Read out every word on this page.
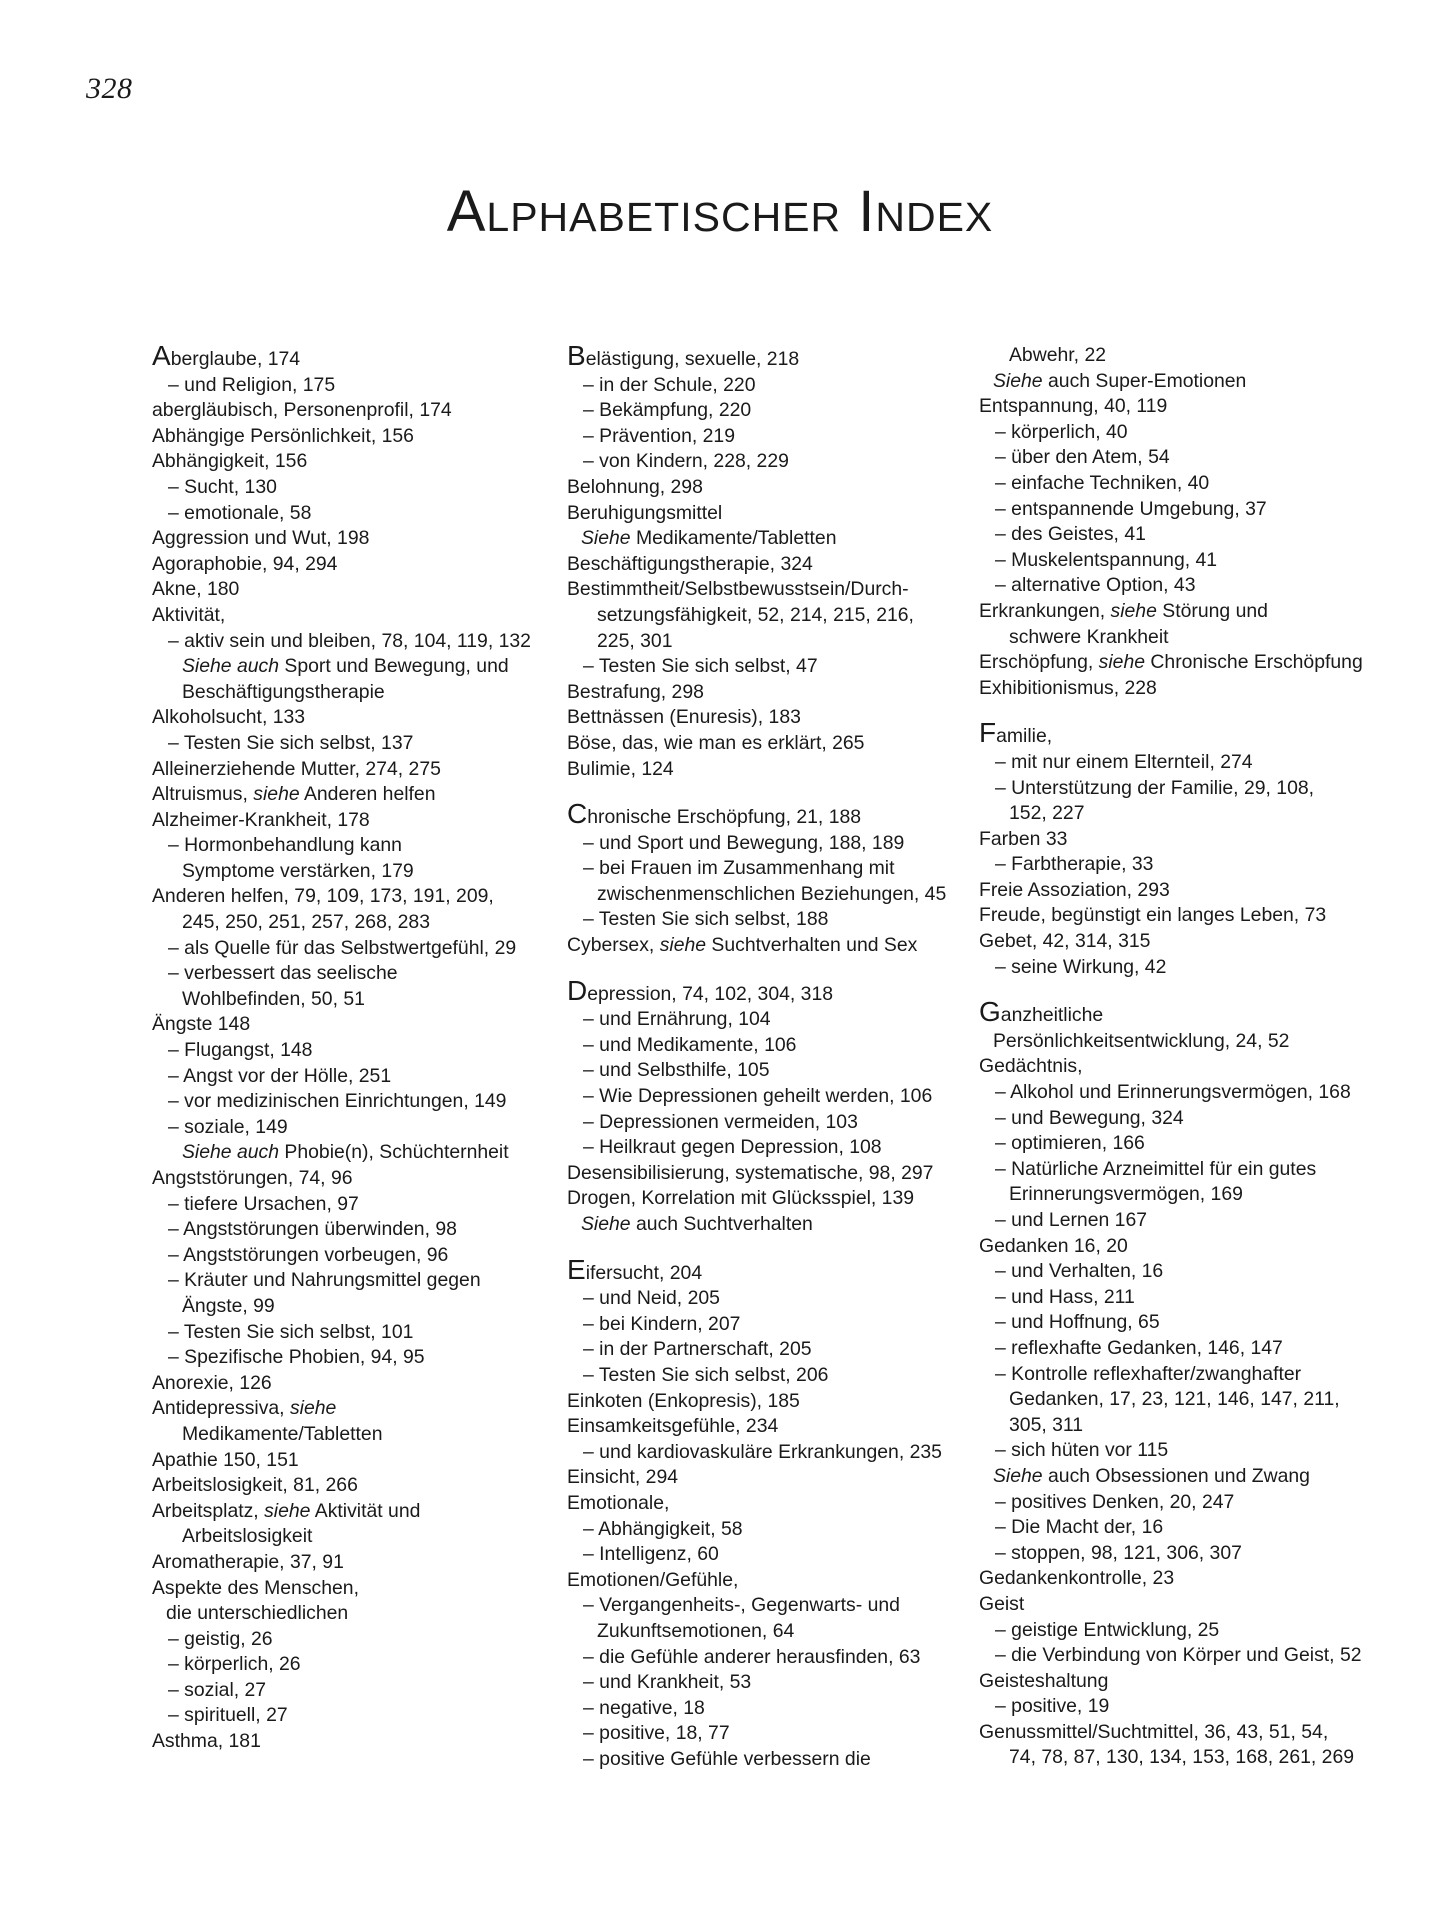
328
Alphabetischer Index
Aberglaube, 174
– und Religion, 175
abergläubisch, Personenprofil, 174
Abhängige Persönlichkeit, 156
Abhängigkeit, 156
– Sucht, 130
– emotionale, 58
Aggression und Wut, 198
Agoraphobie, 94, 294
Akne, 180
Aktivität,
– aktiv sein und bleiben, 78, 104, 119, 132
Siehe auch Sport und Bewegung, und
Beschäftigungstherapie
Alkoholsucht, 133
– Testen Sie sich selbst, 137
Alleinerziehende Mutter, 274, 275
Altruismus, siehe Anderen helfen
Alzheimer-Krankheit, 178
– Hormonbehandlung kann
Symptome verstärken, 179
Anderen helfen, 79, 109, 173, 191, 209,
245, 250, 251, 257, 268, 283
– als Quelle für das Selbstwertgefühl, 29
– verbessert das seelische
Wohlbefinden, 50, 51
Ängste 148
– Flugangst, 148
– Angst vor der Hölle, 251
– vor medizinischen Einrichtungen, 149
– soziale, 149
Siehe auch Phobie(n), Schüchternheit
Angststörungen, 74, 96
– tiefere Ursachen, 97
– Angststörungen überwinden, 98
– Angststörungen vorbeugen, 96
– Kräuter und Nahrungsmittel gegen
Ängste, 99
– Testen Sie sich selbst, 101
– Spezifische Phobien, 94, 95
Anorexie, 126
Antidepressiva, siehe
Medikamente/Tabletten
Apathie 150, 151
Arbeitslosigkeit, 81, 266
Arbeitsplatz, siehe Aktivität und
Arbeitslosigkeit
Aromatherapie, 37, 91
Aspekte des Menschen,
die unterschiedlichen
– geistig, 26
– körperlich, 26
– sozial, 27
– spirituell, 27
Asthma, 181
Belästigung, sexuelle, 218
– in der Schule, 220
– Bekämpfung, 220
– Prävention, 219
– von Kindern, 228, 229
Belohnung, 298
Beruhigungsmittel
Siehe Medikamente/Tabletten
Beschäftigungstherapie, 324
Bestimmtheit/Selbstbewusstsein/Durch-
setzungsfähigkeit, 52, 214, 215, 216,
225, 301
– Testen Sie sich selbst, 47
Bestrafung, 298
Bettnässen (Enuresis), 183
Böse, das, wie man es erklärt, 265
Bulimie, 124
Chronische Erschöpfung, 21, 188
– und Sport und Bewegung, 188, 189
– bei Frauen im Zusammenhang mit
zwischenmenschlichen Beziehungen, 45
– Testen Sie sich selbst, 188
Cybersex, siehe Suchtverhalten und Sex
Depression, 74, 102, 304, 318
– und Ernährung, 104
– und Medikamente, 106
– und Selbsthilfe, 105
– Wie Depressionen geheilt werden, 106
– Depressionen vermeiden, 103
– Heilkraut gegen Depression, 108
Desensibilisierung, systematische, 98, 297
Drogen, Korrelation mit Glücksspiel, 139
Siehe auch Suchtverhalten
Eifersucht, 204
– und Neid, 205
– bei Kindern, 207
– in der Partnerschaft, 205
– Testen Sie sich selbst, 206
Einkoten (Enkopresis), 185
Einsamkeitsgefühle, 234
– und kardiovaskuläre Erkrankungen, 235
Einsicht, 294
Emotionale,
– Abhängigkeit, 58
– Intelligenz, 60
Emotionen/Gefühle,
– Vergangenheits-, Gegenwarts- und
Zukunftsemotionen, 64
– die Gefühle anderer herausfinden, 63
– und Krankheit, 53
– negative, 18
– positive, 18, 77
– positive Gefühle verbessern die
Abwehr, 22
Siehe auch Super-Emotionen
Entspannung, 40, 119
– körperlich, 40
– über den Atem, 54
– einfache Techniken, 40
– entspannende Umgebung, 37
– des Geistes, 41
– Muskelentspannung, 41
– alternative Option, 43
Erkrankungen, siehe Störung und
schwere Krankheit
Erschöpfung, siehe Chronische Erschöpfung
Exhibitionismus, 228
Familie,
– mit nur einem Elternteil, 274
– Unterstützung der Familie, 29, 108,
152, 227
Farben 33
– Farbtherapie, 33
Freie Assoziation, 293
Freude, begünstigt ein langes Leben, 73
Gebet, 42, 314, 315
– seine Wirkung, 42
Ganzheitliche
Persönlichkeitsentwicklung, 24, 52
Gedächtnis,
– Alkohol und Erinnerungsvermögen, 168
– und Bewegung, 324
– optimieren, 166
– Natürliche Arzneimittel für ein gutes
Erinnerungsvermögen, 169
– und Lernen 167
Gedanken 16, 20
– und Verhalten, 16
– und Hass, 211
– und Hoffnung, 65
– reflexhafte Gedanken, 146, 147
– Kontrolle reflexhafter/zwanghafter
Gedanken, 17, 23, 121, 146, 147, 211,
305, 311
– sich hüten vor 115
Siehe auch Obsessionen und Zwang
– positives Denken, 20, 247
– Die Macht der, 16
– stoppen, 98, 121, 306, 307
Gedankenkontrolle, 23
Geist
– geistige Entwicklung, 25
– die Verbindung von Körper und Geist, 52
Geisteshaltung
– positive, 19
Genussmittel/Suchtmittel, 36, 43, 51, 54,
74, 78, 87, 130, 134, 153, 168, 261, 269
